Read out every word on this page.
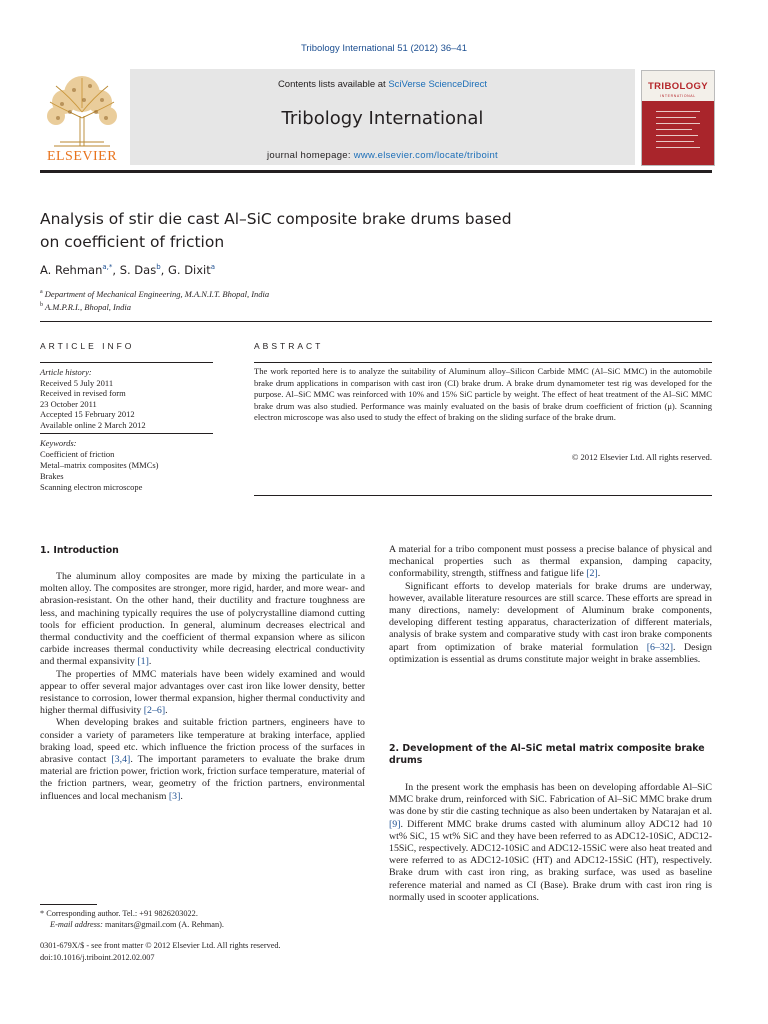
Tribology International 51 (2012) 36–41
ELSEVIER
Contents lists available at SciVerse ScienceDirect
Tribology International
journal homepage: www.elsevier.com/locate/triboint
TRIBOLOGY
INTERNATIONAL
Analysis of stir die cast Al–SiC composite brake drums based
on coefficient of friction
A. Rehman$^{a,*}$, S. Das$^b$, G. Dixit$^a$
$^a$ Department of Mechanical Engineering, M.A.N.I.T. Bhopal, India
$^b$ A.M.P.R.I., Bhopal, India
ARTICLE INFO	ABSTRACT
Article history:
Received 5 July 2011
Received in revised form
23 October 2011
Accepted 15 February 2012
Available online 2 March 2012
Keywords:
Coefficient of friction
Metal–matrix composites (MMCs)
Brakes
Scanning electron microscope
The work reported here is to analyze the suitability of Aluminum alloy–Silicon Carbide MMC (Al–SiC MMC) in the automobile brake drum applications in comparison with cast iron (CI) brake drum. A brake drum dynamometer test rig was developed for the purpose. Al–SiC MMC was reinforced with 10% and 15% SiC particle by weight. The effect of heat treatment of the Al–SiC MMC brake drum was also studied. Performance was mainly evaluated on the basis of brake drum coefficient of friction (μ). Scanning electron microscope was also used to study the effect of braking on the sliding surface of the brake drum.
© 2012 Elsevier Ltd. All rights reserved.
1. Introduction

The aluminum alloy composites are made by mixing the particulate in a molten alloy. The composites are stronger, more rigid, harder, and more wear- and abrasion-resistant. On the other hand, their ductility and fracture toughness are less, and machining typically requires the use of polycrystalline diamond cutting tools for efficient production. In general, aluminum decreases electrical and thermal conductivity and the coefficient of thermal expansion where as silicon carbide increases thermal conductivity while decreasing electrical conductivity and thermal expansivity [1].

The properties of MMC materials have been widely examined and would appear to offer several major advantages over cast iron like lower density, better resistance to corrosion, lower thermal expansion, higher thermal conductivity and higher thermal diffusivity [2–6].

When developing brakes and suitable friction partners, engineers have to consider a variety of parameters like temperature at braking interface, applied braking load, speed etc. which influence the friction process of the surfaces in abrasive contact [3,4]. The important parameters to evaluate the brake drum material are friction power, friction work, friction surface temperature, material of the friction partners, wear, geometry of the friction partners, environmental influences and local mechanism [3].

A material for a tribo component must possess a precise balance of physical and mechanical properties such as thermal expansion, damping capacity, conformability, strength, stiffness and fatigue life [2].

Significant efforts to develop materials for brake drums are underway, however, available literature resources are still scarce. These efforts are spread in many directions, namely: development of Aluminum brake components, developing different testing apparatus, characterization of different materials, analysis of brake system and comparative study with cast iron brake components apart from optimization of brake material formulation [6–32]. Design optimization is essential as drums constitute major weight in brake assemblies.

2. Development of the Al–SiC metal matrix composite brake drums

In the present work the emphasis has been on developing affordable Al–SiC MMC brake drum, reinforced with SiC. Fabrication of Al–SiC MMC brake drum was done by stir die casting technique as also been undertaken by Natarajan et al. [9]. Different MMC brake drums casted with aluminum alloy ADC12 had 10 wt% SiC, 15 wt% SiC and they have been referred to as ADC12-10SiC, ADC12-15SiC, respectively. ADC12-10SiC and ADC12-15SiC were also heat treated and were referred to as ADC12-10SiC (HT) and ADC12-15SiC (HT), respectively. Brake drum with cast iron ring, as braking surface, was used as baseline reference material and named as CI (Base). Brake drum with cast iron ring is normally used in scooter applications.

* Corresponding author. Tel.: +91 9826203022.
E-mail address: manitars@gmail.com (A. Rehman).
0301-679X/$ - see front matter © 2012 Elsevier Ltd. All rights reserved.
doi:10.1016/j.triboint.2012.02.007
